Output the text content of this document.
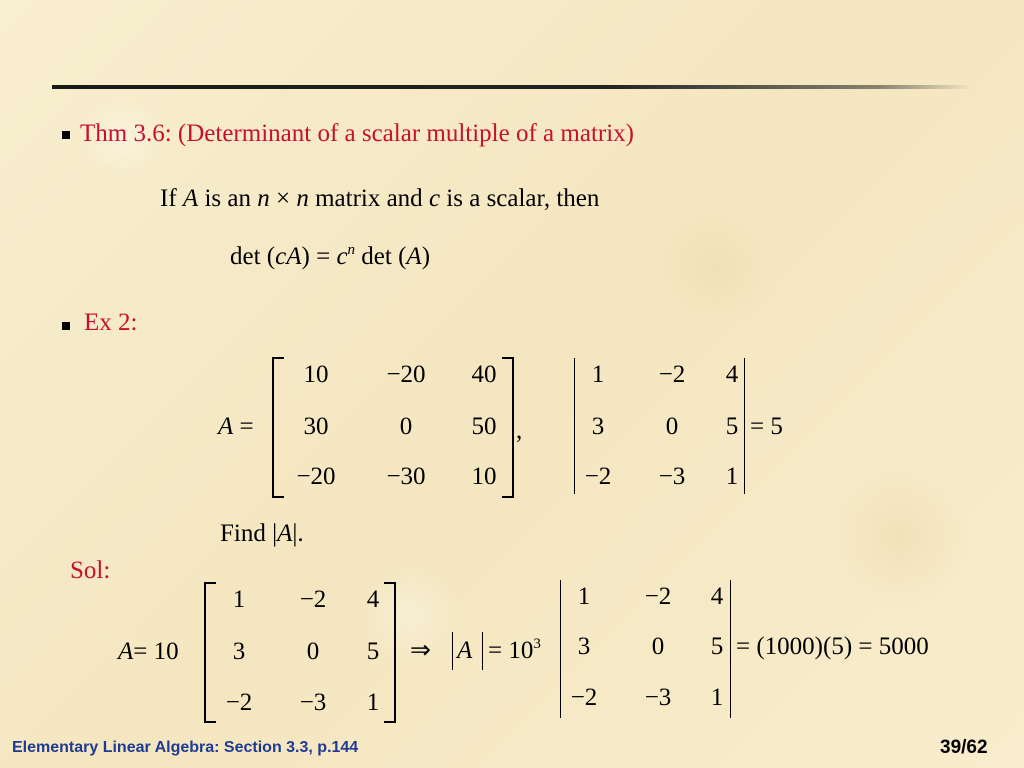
Thm 3.6: (Determinant of a scalar multiple of a matrix)
If A is an n × n matrix and c is a scalar, then
$\det (cA) = c^n$ det (A)
Ex 2:
A =
10	−20	40
30	0	50
−20	−30	10
,
1	−2	4
3	0	5
−2	−3	1
= 5
Find |A|.
Sol:
A= 10
1	−2	4
3	0	5
−2	−3	1
⇒ $A = 10^3$
1	−2	4
3	0	5
−2	−3	1
= (1000)(5) = 5000
Elementary Linear Algebra: Section 3.3, p.144	39/62
